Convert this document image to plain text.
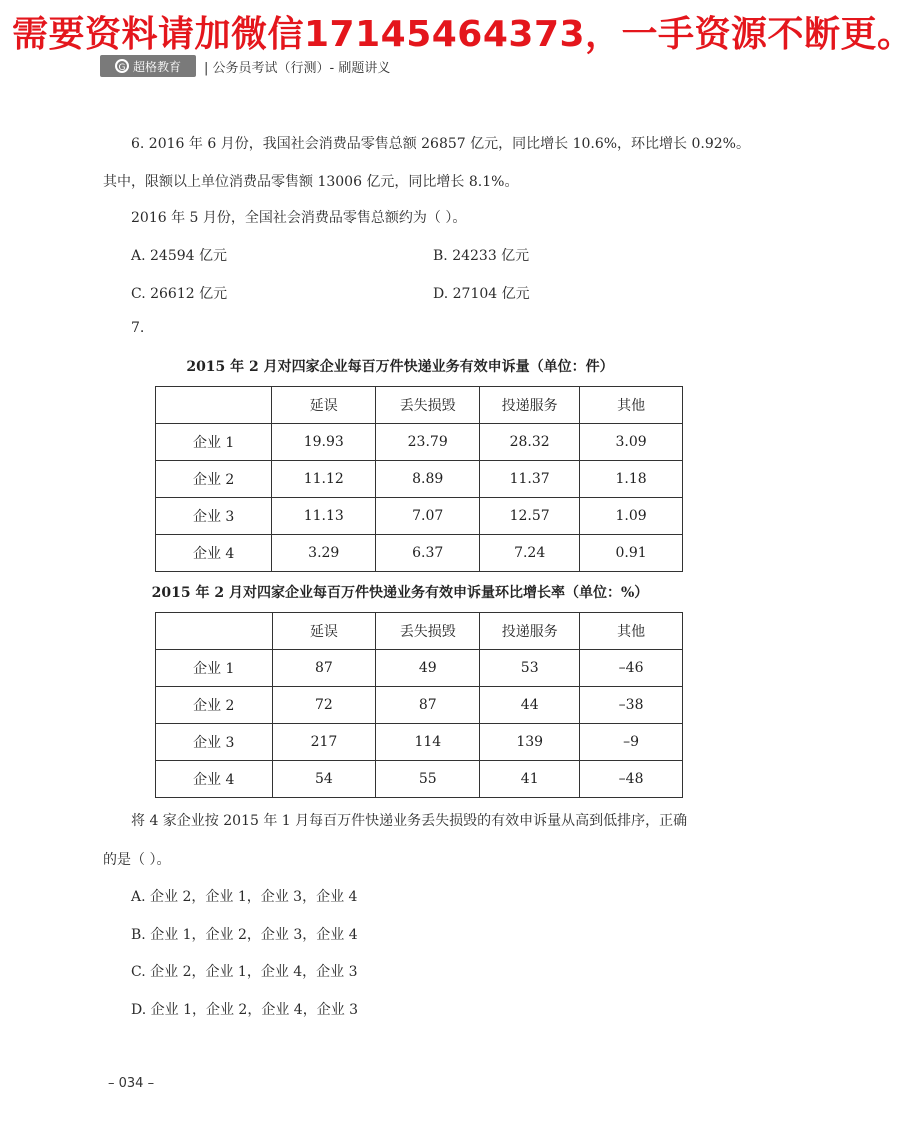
需要资料请加微信17145464373，一手资源不断更。
G 超格教育 | 公务员考试（行测）- 刷题讲义
6. 2016 年 6 月份，我国社会消费品零售总额 26857 亿元，同比增长 10.6%，环比增长 0.92%。
其中，限额以上单位消费品零售额 13006 亿元，同比增长 8.1%。
2016 年 5 月份，全国社会消费品零售总额约为（ ）。
A. 24594 亿元	B. 24233 亿元
C. 26612 亿元	D. 27104 亿元
7.
2015 年 2 月对四家企业每百万件快递业务有效申诉量（单位：件）
	延误	丢失损毁	投递服务	其他
企业 1	19.93	23.79	28.32	3.09
企业 2	11.12	8.89	11.37	1.18
企业 3	11.13	7.07	12.57	1.09
企业 4	3.29	6.37	7.24	0.91
2015 年 2 月对四家企业每百万件快递业务有效申诉量环比增长率（单位：%）
	延误	丢失损毁	投递服务	其他
企业 1	87	49	53	–46
企业 2	72	87	44	–38
企业 3	217	114	139	–9
企业 4	54	55	41	–48
将 4 家企业按 2015 年 1 月每百万件快递业务丢失损毁的有效申诉量从高到低排序，正确
的是（ ）。
A. 企业 2，企业 1，企业 3，企业 4
B. 企业 1，企业 2，企业 3，企业 4
C. 企业 2，企业 1，企业 4，企业 3
D. 企业 1，企业 2，企业 4，企业 3
– 034 –
